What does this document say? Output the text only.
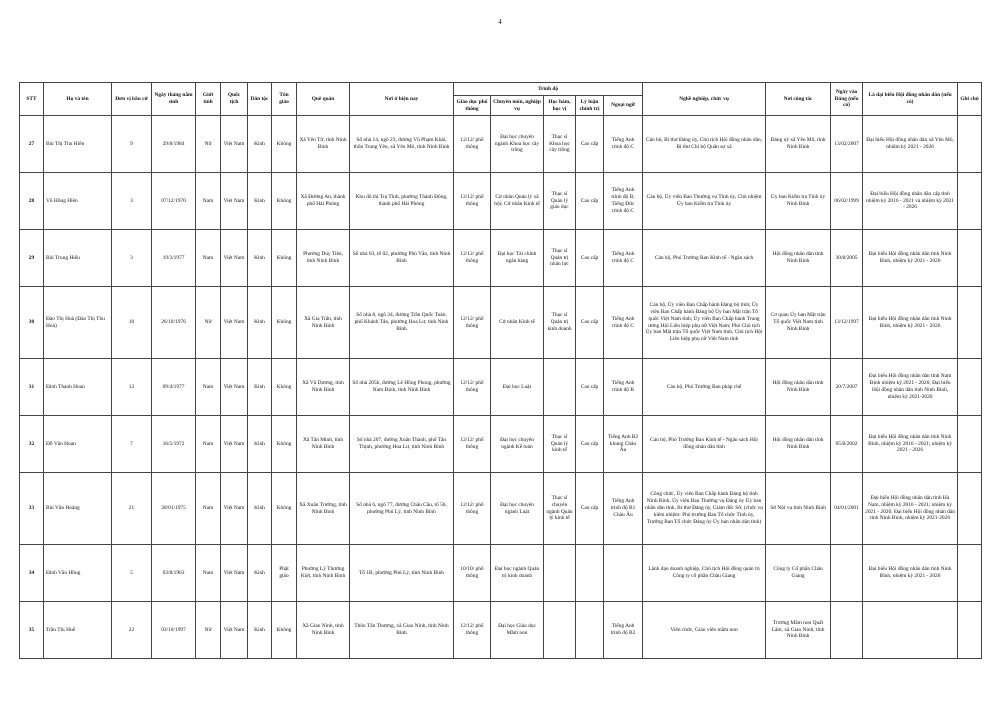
4
STT	Họ và tên	Đơn vị bầu cử	Ngày tháng năm sinh	Giới tính	Quốc tịch	Dân tộc	Tôn giáo	Quê quán	Nơi ở hiện nay	Trình độ					Nghề nghiệp, chức vụ	Nơi công tác	Ngày vào Đảng (nếu có)	Là đại biểu Hội đồng nhân dân (nếu có)	Ghi chú
										Giáo dục phổ thông	Chuyên môn, nghiệp vụ	Học hàm, học vị	Lý luận chính trị	Ngoại ngữ					
27	Bùi Thị Thu Hiền	9	29/8/1984	Nữ	Việt Nam	Kinh	Không	Xã Yên Từ, tỉnh Ninh Bình	Số nhà 14, ngõ 23, đường Vũ Phạm Khải, thôn Trung Yên, xã Yên Mô, tỉnh Ninh Bình	12/12/ phổ thông	Đại học chuyên ngành Khoa học cây trồng	Thạc sĩ Khoa học cây trồng	Cao cấp	Tiếng Anh trình độ C	Cán bộ, Bí thư Đảng ủy, Chủ tịch Hội đồng nhân dân, Bí thư Chi bộ Quân sự xã	Đảng uỷ xã Yên Mô, tỉnh Ninh Bình	13/02/2007	Đại biểu Hội đồng nhân dân xã Yên Mô, nhiệm kỳ 2021 - 2026	
28	Vũ Hồng Hiên	3	07/12/1970	Nam	Việt Nam	Kinh	Không	Xã Đường An, thành phố Hải Phòng	Khu đô thị Trạ Tĩnh, phường Thành Đông, thành phố Hải Phòng	12/12/ phổ thông	Cử nhân Quản lý xã hội; Cử nhân Kinh tế	Thạc sĩ Quản lý giáo dục	Cao cấp	Tiếng Anh trình độ B; Tiếng Đức trình độ C	Cán bộ, Ủy viên Ban Thường vụ Tỉnh ủy, Chủ nhiệm Ủy ban Kiểm tra Tỉnh ủy	Ủy ban Kiểm tra Tỉnh ủy Ninh Bình	06/02/1999	Đại biểu Hội đồng nhân dân cấp tỉnh nhiệm kỳ 2016 - 2021 và nhiệm kỳ 2021 - 2026	
29	Bùi Trung Hiếu	3	19/3/1977	Nam	Việt Nam	Kinh	Không	Phường Duy Tiên, tỉnh Ninh Bình	Số nhà 63, tổ 02, phường Phù Vân, tỉnh Ninh Bình	12/12/ phổ thông	Đại học Tài chính ngân hàng	Thạc sĩ Quản trị nhân lực	Cao cấp	Tiếng Anh trình độ C	Cán bộ, Phó Trưởng Ban Kinh tế - Ngân sách	Hội đồng nhân dân tỉnh Ninh Bình	30/8/2005	Đại biểu Hội đồng nhân dân tỉnh Ninh Bình, nhiệm kỳ 2021 - 2026	
30	Đào Thị Hoà (Đào Thị Thu Hoà)	10	26/10/1976	Nữ	Việt Nam	Kinh	Không	Xã Gia Trấn, tỉnh Ninh Bình	Số nhà 8, ngõ 34, đường Trần Quốc Toản, phố Khánh Tân, phường Hoa Lư, tỉnh Ninh Bình	12/12/ phổ thông	Cử nhân Kinh tế	Thạc sĩ Quản trị kinh doanh	Cao cấp	Tiếng Anh trình độ C	Cán bộ, Ủy viên Ban Chấp hành Đảng bộ tỉnh; Ủy viên Ban Chấp hành Đảng bộ Ủy ban Mặt trận Tổ quốc Việt Nam tỉnh; Ủy viên Ban Chấp hành Trung ương Hội Liên hiệp phụ nữ Việt Nam; Phó Chủ tịch Ủy ban Mặt trận Tổ quốc Việt Nam tỉnh, Chủ tịch Hội Liên hiệp phụ nữ Việt Nam tỉnh	Cơ quan Ủy ban Mặt trận Tổ quốc Việt Nam tỉnh Ninh Bình	13/12/1997	Đại biểu Hội đồng nhân dân tỉnh Ninh Bình, nhiệm kỳ 2021 - 2026	
31	Đinh Thanh Hoan	12	09/4/1977	Nam	Việt Nam	Kinh	Không	Xã Vũ Dương, tỉnh Ninh Bình	Số nhà 205b, đường Lê Hồng Phong, phường Nam Định, tỉnh Ninh Bình	12/12/ phổ thông	Đại học Luật		Cao cấp	Tiếng Anh trình độ B	Cán bộ, Phó Trưởng Ban pháp chế	Hội đồng nhân dân tỉnh Ninh Bình	20/7/2007	Đại biểu Hội đồng nhân dân tỉnh Nam Định nhiệm kỳ 2021 - 2026; Đại biểu Hội đồng nhân dân tỉnh Ninh Bình, nhiệm kỳ 2021-2026	
32	Đỗ Văn Hoan	7	16/5/1972	Nam	Việt Nam	Kinh	Không	Xã Tân Minh, tỉnh Ninh Bình	Số nhà 207, đường Xuân Thành, phố Tân Thịnh, phường Hoa Lư, tỉnh Ninh Bình	12/12/ phổ thông	Đại học chuyên ngành Kế toán	Thạc sĩ Quản lý kinh tế	Cao cấp	Tiếng Anh B2 khung Châu Âu	Cán bộ, Phó Trưởng Ban Kinh tế - Ngân sách Hội đồng nhân dân tỉnh	Hội đồng nhân dân tỉnh Ninh Bình	05/8/2002	Đại biểu Hội đồng nhân dân tỉnh Ninh Bình, nhiệm kỳ 2016 - 2021; nhiệm kỳ 2021 - 2026	
33	Bùi Văn Hoàng	21	30/01/1975	Nam	Việt Nam	Kinh	Không	Xã Xuân Trường, tỉnh Ninh Bình	Số nhà 6, ngõ 77, đường Châu Cầu, tổ 5b, phường Phủ Lý, tỉnh Ninh Bình	12/12/ phổ thông	Đại học chuyên ngành Luật	Thạc sĩ chuyên ngành Quản lý kinh tế	Cao cấp	Tiếng Anh trình độ B1 Châu Âu	Công chức, Ủy viên Ban Chấp hành Đảng bộ tỉnh Ninh Bình, Ủy viên Ban Thường vụ Đảng ủy Ủy ban nhân dân tỉnh, Bí thư Đảng ủy, Giám đốc Sở; (chức vụ kiêm nhiệm: Phó trưởng Ban Tổ chức Tỉnh ủy, Trưởng Ban Tổ chức Đảng ủy Ủy ban nhân dân tỉnh)	Sở Nội vụ tỉnh Ninh Bình	04/01/2001	Đại biểu Hội đồng nhân dân tỉnh Hà Nam, nhiệm kỳ 2016 - 2021; nhiệm kỳ 2021 - 2026; Đại biểu Hội đồng nhân dân tỉnh Ninh Bình, nhiệm kỳ 2021-2026	
34	Đinh Văn Hồng	5	03/8/1963	Nam	Việt Nam	Kinh	Phật giáo	Phường Lý Thường Kiệt, tỉnh Ninh Bình	Tổ 1B, phường Phủ Lý, tỉnh Ninh Bình	10/10/ phổ thông	Đại học ngành Quản trị kinh doanh				Lãnh đạo doanh nghiệp, Chủ tịch Hội đồng quản trị Công ty cổ phần Châu Giang	Công ty Cổ phần Châu Giang		Đại biểu Hội đồng nhân dân tỉnh Ninh Bình, nhiệm kỳ 2021 - 2026	
35	Trần Thị Huế	22	03/10/1997	Nữ	Việt Nam	Kinh	Không	Xã Giao Ninh, tỉnh Ninh Bình	Thôn Tân Thượng, xã Giao Ninh, tỉnh Ninh Bình	12/12/ phổ thông	Đại học Giáo dục Mầm non			Tiếng Anh trình độ B2	Viên chức, Giáo viên mầm non	Trường Mầm non Quất Lâm, xã Giao Ninh, tỉnh Ninh Bình			
